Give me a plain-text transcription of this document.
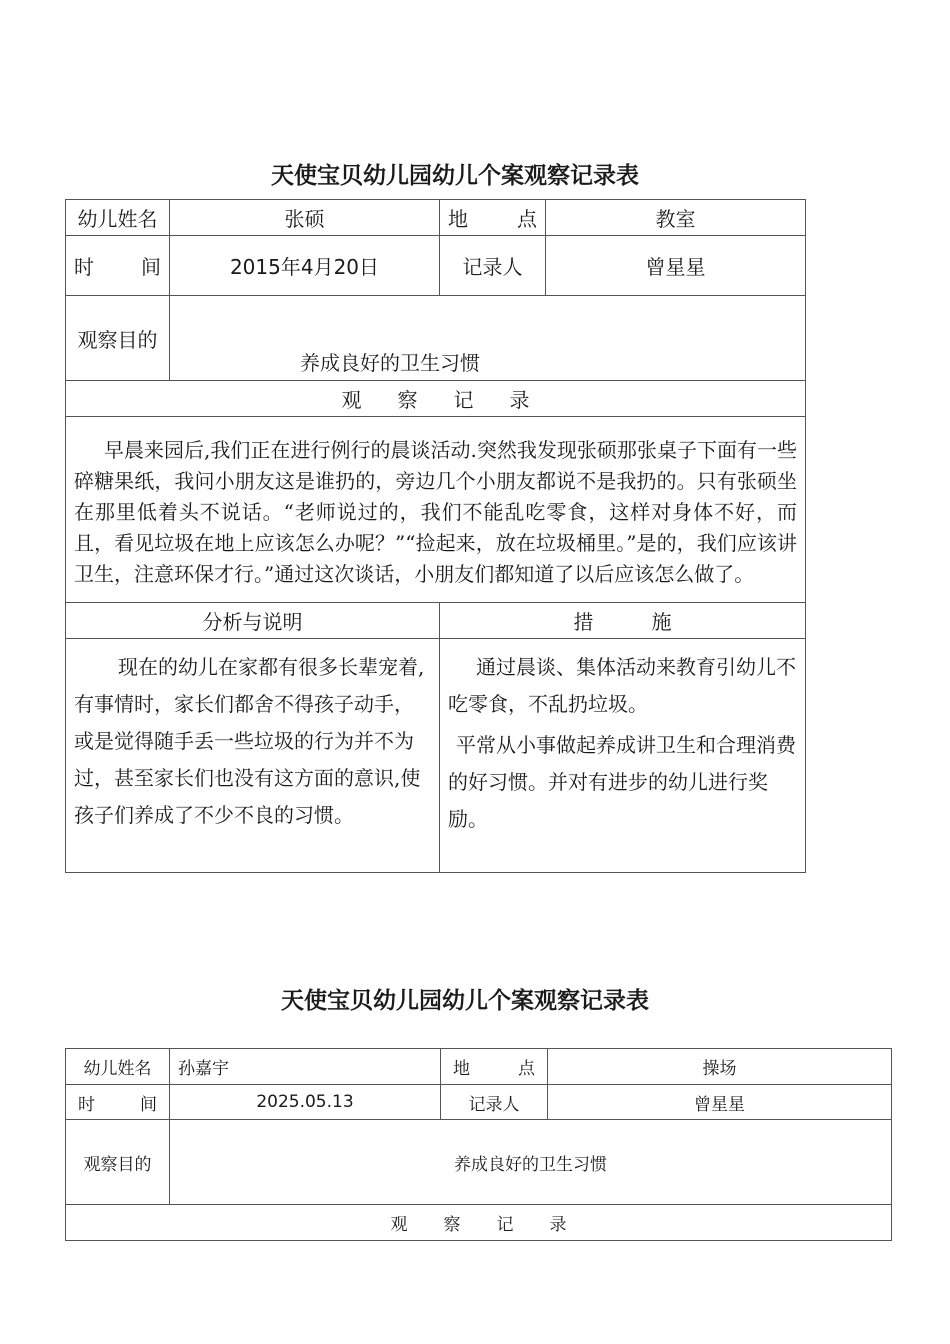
天使宝贝幼儿园幼儿个案观察记录表
幼儿姓名	张硕	地 点	教室

时 间	2015年4月20日	记录人	曾星星
观察目的	养成良好的卫生习惯		
观 察 记 录			
早晨来园后,我们正在进行例行的晨谈活动.突然我发现张硕那张桌子下面有一些碎糖果纸，我问小朋友这是谁扔的，旁边几个小朋友都说不是我扔的。只有张硕坐在那里低着头不说话。“老师说过的，我们不能乱吃零食，这样对身体不好，而且，看见垃圾在地上应该怎么办呢？”“捡起来，放在垃圾桶里。”是的，我们应该讲卫生，注意环保才行。”通过这次谈话，小朋友们都知道了以后应该怎么做了。			
分析与说明		措 施	
现在的幼儿在家都有很多长辈宠着,有事情时，家长们都舍不得孩子动手，或是觉得随手丢一些垃圾的行为并不为过，甚至家长们也没有这方面的意识,使孩子们养成了不少不良的习惯。		通过晨谈、集体活动来教育引幼儿不吃零食，不乱扔垃圾。
平常从小事做起养成讲卫生和合理消费的好习惯。并对有进步的幼儿进行奖励。	
天使宝贝幼儿园幼儿个案观察记录表
幼儿姓名	孙嘉宇	地 点	操场

时 间	2025.05.13	记录人	曾星星
观察目的	养成良好的卫生习惯		
观 察 记 录			
